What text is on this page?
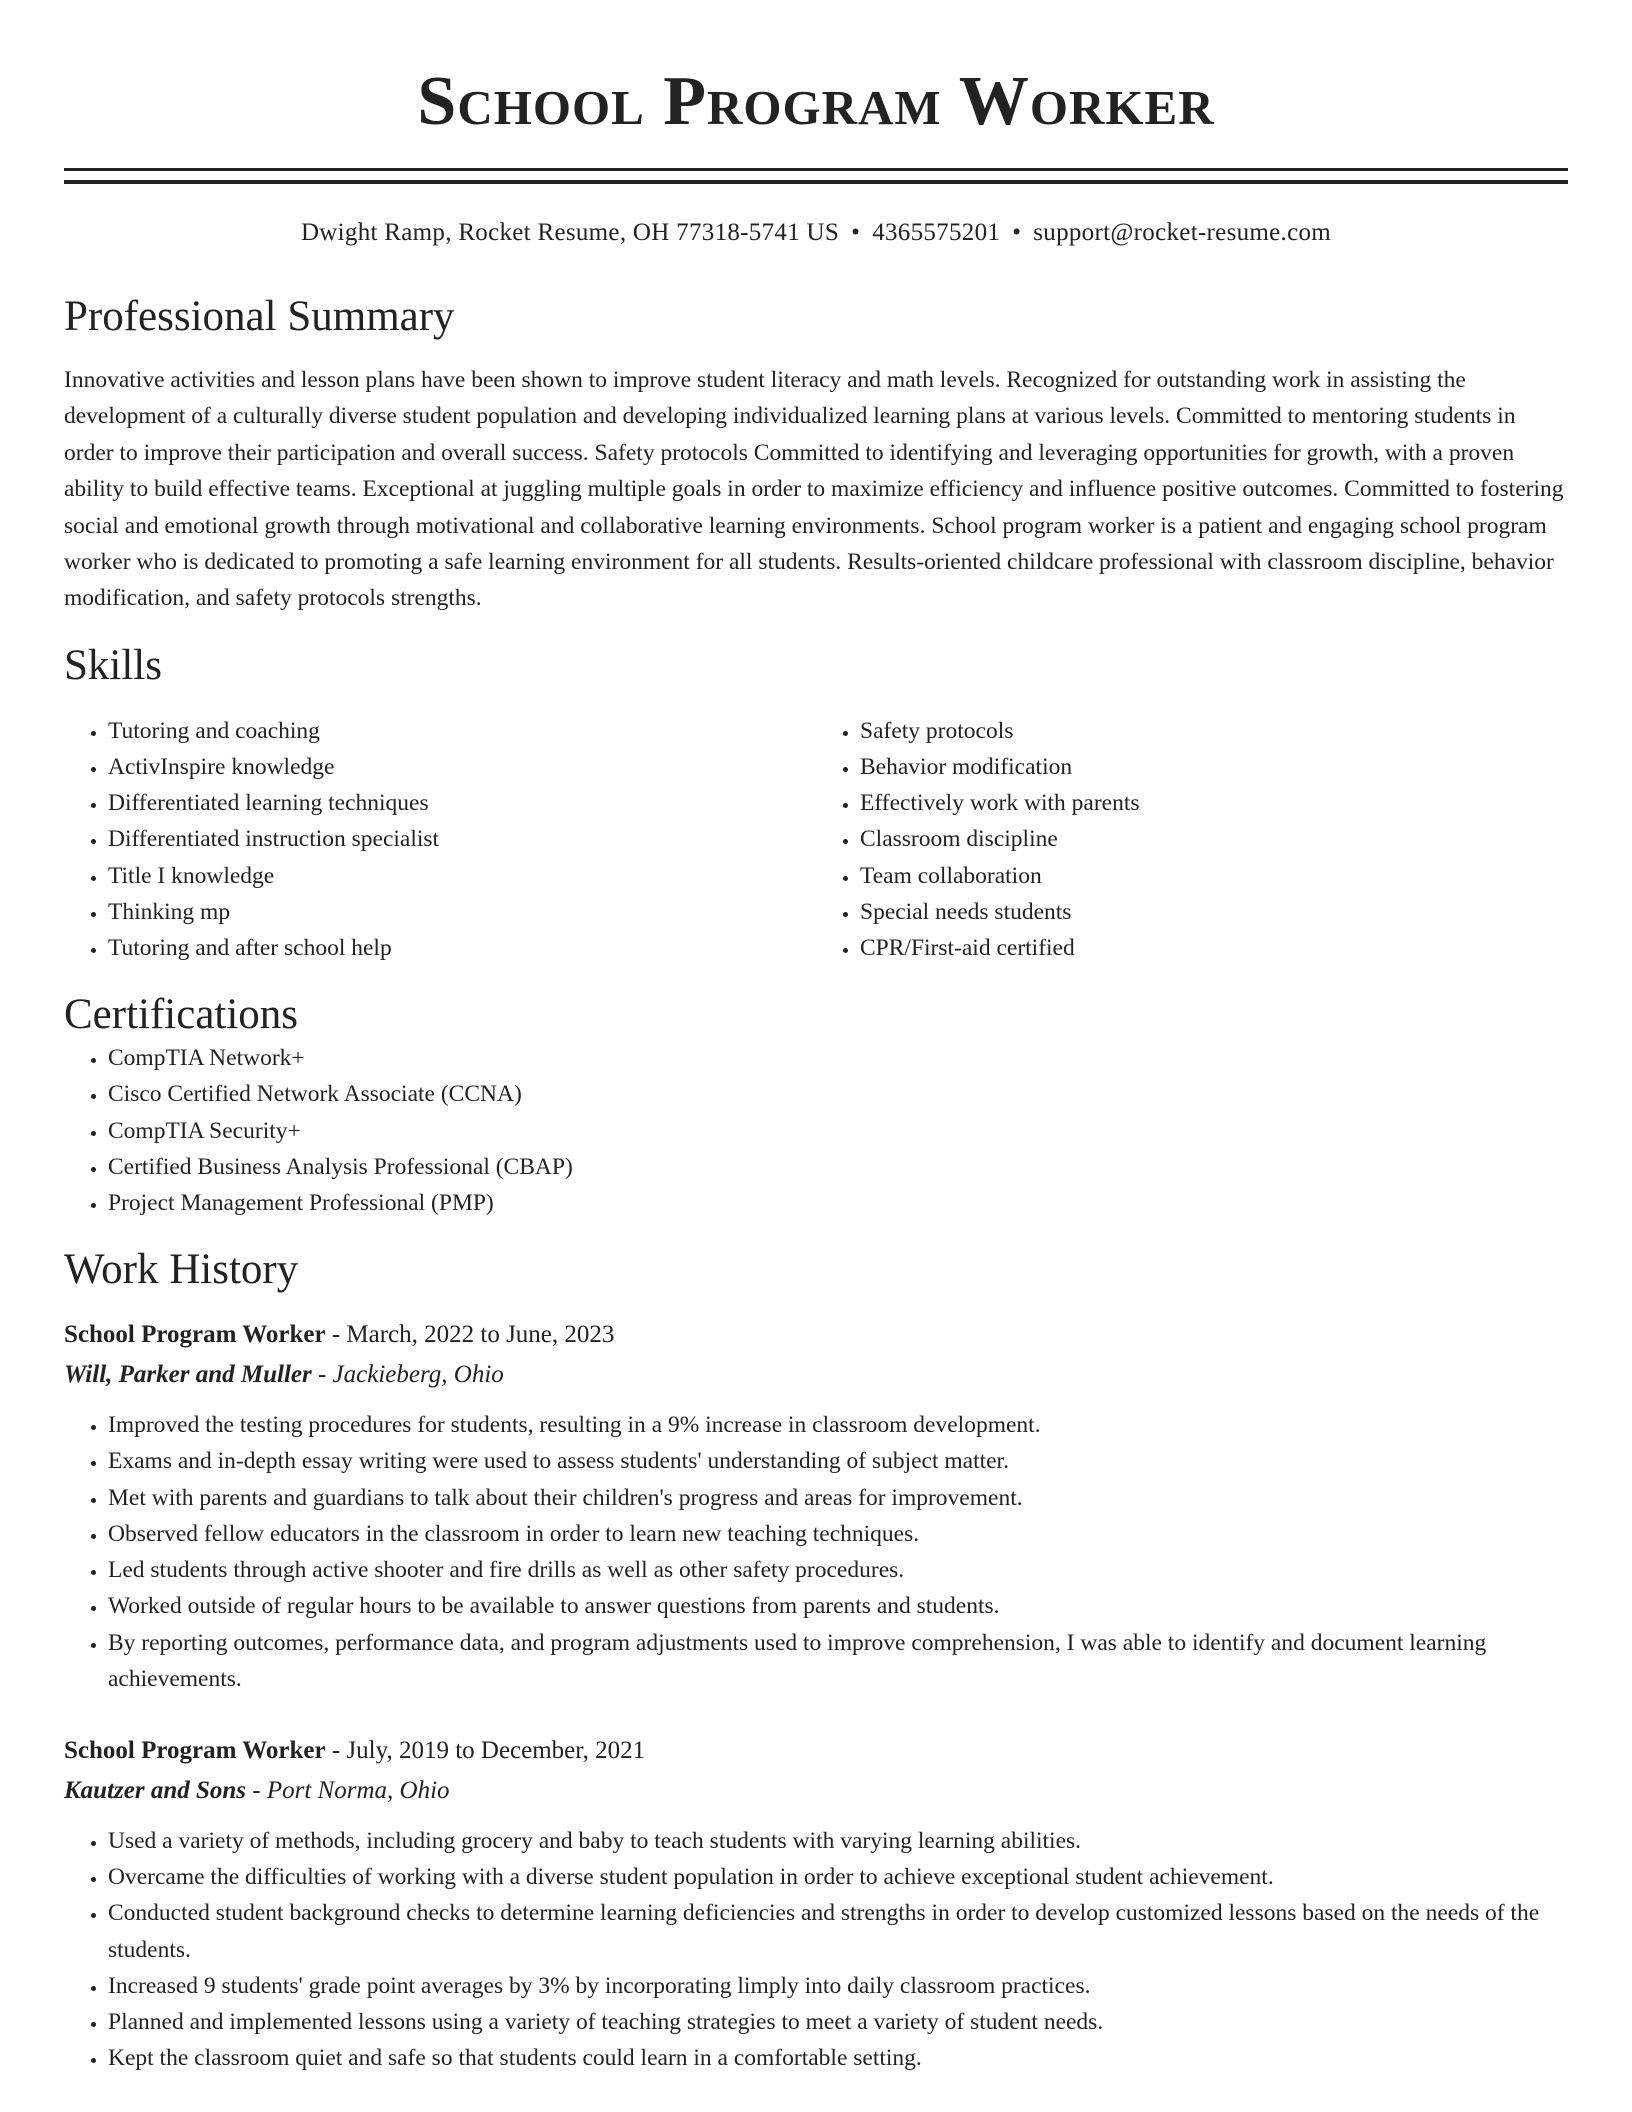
School Program Worker
Dwight Ramp, Rocket Resume, OH 77318-5741 US • 4365575201 • support@rocket-resume.com
Professional Summary

Innovative activities and lesson plans have been shown to improve student literacy and math levels. Recognized for outstanding work in assisting the development of a culturally diverse student population and developing individualized learning plans at various levels. Committed to mentoring students in order to improve their participation and overall success. Safety protocols Committed to identifying and leveraging opportunities for growth, with a proven ability to build effective teams. Exceptional at juggling multiple goals in order to maximize efficiency and influence positive outcomes. Committed to fostering social and emotional growth through motivational and collaborative learning environments. School program worker is a patient and engaging school program worker who is dedicated to promoting a safe learning environment for all students. Results-oriented childcare professional with classroom discipline, behavior modification, and safety protocols strengths.

Skills
• Tutoring and coaching
• ActivInspire knowledge
• Differentiated learning techniques
• Differentiated instruction specialist
• Title I knowledge
• Thinking mp
• Tutoring and after school help
• Safety protocols
• Behavior modification
• Effectively work with parents
• Classroom discipline
• Team collaboration
• Special needs students
• CPR/First-aid certified
Certifications
• CompTIA Network+
• Cisco Certified Network Associate (CCNA)
• CompTIA Security+
• Certified Business Analysis Professional (CBAP)
• Project Management Professional (PMP)
Work History
School Program Worker - March, 2022 to June, 2023
Will, Parker and Muller - Jackieberg, Ohio
• Improved the testing procedures for students, resulting in a 9% increase in classroom development.
• Exams and in-depth essay writing were used to assess students' understanding of subject matter.
• Met with parents and guardians to talk about their children's progress and areas for improvement.
• Observed fellow educators in the classroom in order to learn new teaching techniques.
• Led students through active shooter and fire drills as well as other safety procedures.
• Worked outside of regular hours to be available to answer questions from parents and students.
• By reporting outcomes, performance data, and program adjustments used to improve comprehension, I was able to identify and document learning achievements.
School Program Worker - July, 2019 to December, 2021
Kautzer and Sons - Port Norma, Ohio
• Used a variety of methods, including grocery and baby to teach students with varying learning abilities.
• Overcame the difficulties of working with a diverse student population in order to achieve exceptional student achievement.
• Conducted student background checks to determine learning deficiencies and strengths in order to develop customized lessons based on the needs of the students.
• Increased 9 students' grade point averages by 3% by incorporating limply into daily classroom practices.
• Planned and implemented lessons using a variety of teaching strategies to meet a variety of student needs.
• Kept the classroom quiet and safe so that students could learn in a comfortable setting.
